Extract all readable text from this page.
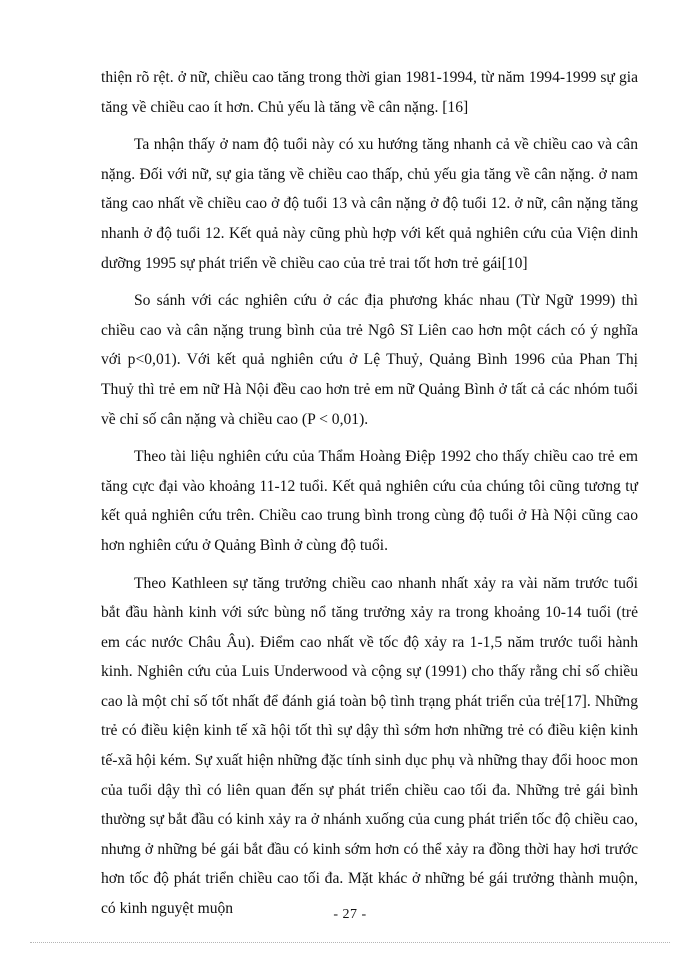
thiện rõ rệt. ở nữ, chiều cao tăng trong thời gian 1981-1994, từ năm 1994-1999 sự gia tăng về chiều cao ít hơn. Chủ yếu là tăng về cân nặng. [16]

Ta nhận thấy ở nam độ tuổi này có xu hướng tăng nhanh cả về chiều cao và cân nặng. Đối với nữ, sự gia tăng về chiều cao thấp, chủ yếu gia tăng về cân nặng. ở nam tăng cao nhất về chiều cao ở độ tuổi 13 và cân nặng ở độ tuổi 12. ở nữ, cân nặng tăng nhanh ở độ tuổi 12. Kết quả này cũng phù hợp với kết quả nghiên cứu của Viện dinh dưỡng 1995 sự phát triển về chiều cao của trẻ trai tốt hơn trẻ gái[10]

So sánh với các nghiên cứu ở các địa phương khác nhau (Từ Ngữ 1999) thì chiều cao và cân nặng trung bình của trẻ Ngô Sĩ Liên cao hơn một cách có ý nghĩa với p<0,01). Với kết quả nghiên cứu ở Lệ Thuỷ, Quảng Bình 1996 của Phan Thị Thuỷ thì trẻ em nữ Hà Nội đều cao hơn trẻ em nữ Quảng Bình ở tất cả các nhóm tuổi về chỉ số cân nặng và chiều cao (P < 0,01).

Theo tài liệu nghiên cứu của Thẩm Hoàng Điệp 1992 cho thấy chiều cao trẻ em tăng cực đại vào khoảng 11-12 tuổi. Kết quả nghiên cứu của chúng tôi cũng tương tự kết quả nghiên cứu trên. Chiều cao trung bình trong cùng độ tuổi ở Hà Nội cũng cao hơn nghiên cứu ở Quảng Bình ở cùng độ tuổi.

Theo Kathleen sự tăng trưởng chiều cao nhanh nhất xảy ra vài năm trước tuổi bắt đầu hành kinh với sức bùng nổ tăng trưởng xảy ra trong khoảng 10-14 tuổi (trẻ em các nước Châu Âu). Điểm cao nhất về tốc độ xảy ra 1-1,5 năm trước tuổi hành kinh. Nghiên cứu của Luis Underwood và cộng sự (1991) cho thấy rằng chỉ số chiều cao là một chỉ số tốt nhất để đánh giá toàn bộ tình trạng phát triển của trẻ[17]. Những trẻ có điều kiện kinh tế xã hội tốt thì sự dậy thì sớm hơn những trẻ có điều kiện kinh tế-xã hội kém. Sự xuất hiện những đặc tính sinh dục phụ và những thay đổi hooc mon của tuổi dậy thì có liên quan đến sự phát triển chiều cao tối đa. Những trẻ gái bình thường sự bắt đầu có kinh xảy ra ở nhánh xuống của cung phát triển tốc độ chiều cao, nhưng ở những bé gái bắt đầu có kinh sớm hơn có thể xảy ra đồng thời hay hơi trước hơn tốc độ phát triển chiều cao tối đa. Mặt khác ở những bé gái trưởng thành muộn, có kinh nguyệt muộn	- 27 -
